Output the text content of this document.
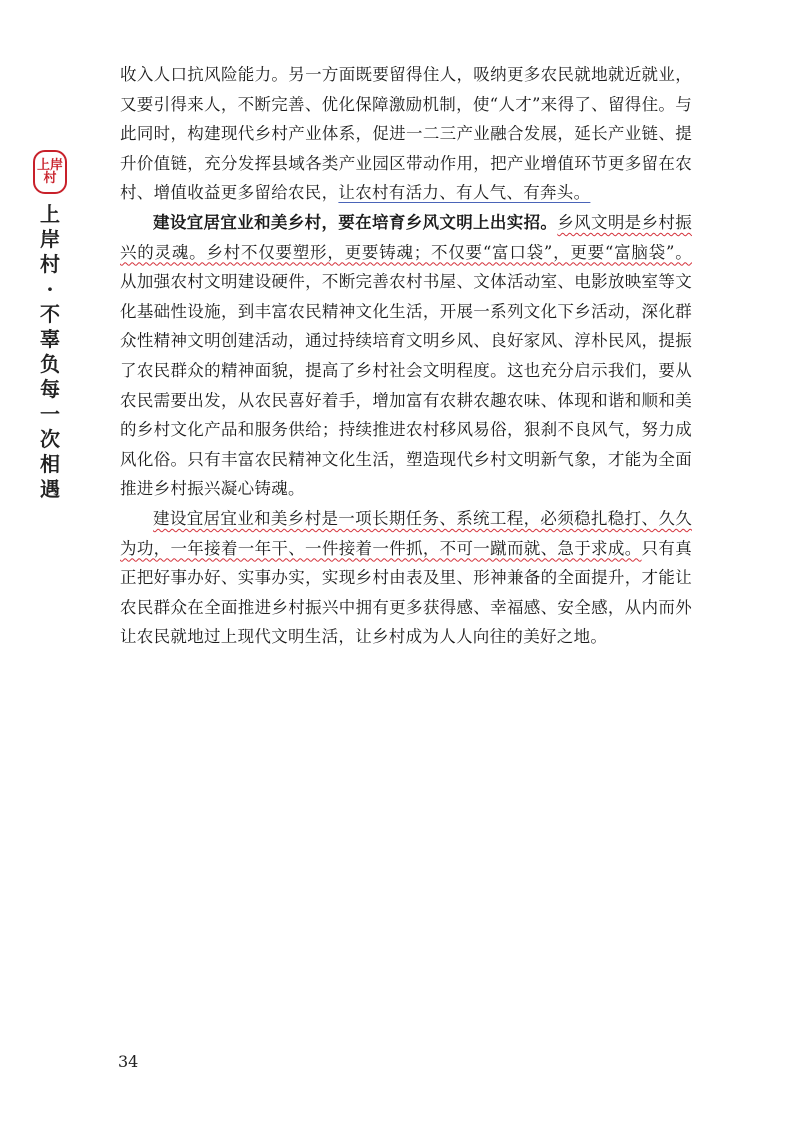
上岸村
上岸村·不辜负每一次相遇

收入人口抗风险能力。另一方面既要留得住人，吸纳更多农民就地就近就业，又要引得来人，不断完善、优化保障激励机制，使“人才”来得了、留得住。与此同时，构建现代乡村产业体系，促进一二三产业融合发展，延长产业链、提升价值链，充分发挥县域各类产业园区带动作用，把产业增值环节更多留在农村、增值收益更多留给农民，让农村有活力、有人气、有奔头。

建设宜居宜业和美乡村，要在培育乡风文明上出实招。乡风文明是乡村振兴的灵魂。乡村不仅要塑形，更要铸魂；不仅要“富口袋”，更要“富脑袋”。从加强农村文明建设硬件，不断完善农村书屋、文体活动室、电影放映室等文化基础性设施，到丰富农民精神文化生活，开展一系列文化下乡活动，深化群众性精神文明创建活动，通过持续培育文明乡风、良好家风、淳朴民风，提振了农民群众的精神面貌，提高了乡村社会文明程度。这也充分启示我们，要从农民需要出发，从农民喜好着手，增加富有农耕农趣农味、体现和谐和顺和美的乡村文化产品和服务供给；持续推进农村移风易俗，狠刹不良风气，努力成风化俗。只有丰富农民精神文化生活，塑造现代乡村文明新气象，才能为全面推进乡村振兴凝心铸魂。

建设宜居宜业和美乡村是一项长期任务、系统工程，必须稳扎稳打、久久为功，一年接着一年干、一件接着一件抓，不可一蹴而就、急于求成。只有真正把好事办好、实事办实，实现乡村由表及里、形神兼备的全面提升，才能让农民群众在全面推进乡村振兴中拥有更多获得感、幸福感、安全感，从内而外让农民就地过上现代文明生活，让乡村成为人人向往的美好之地。

34
